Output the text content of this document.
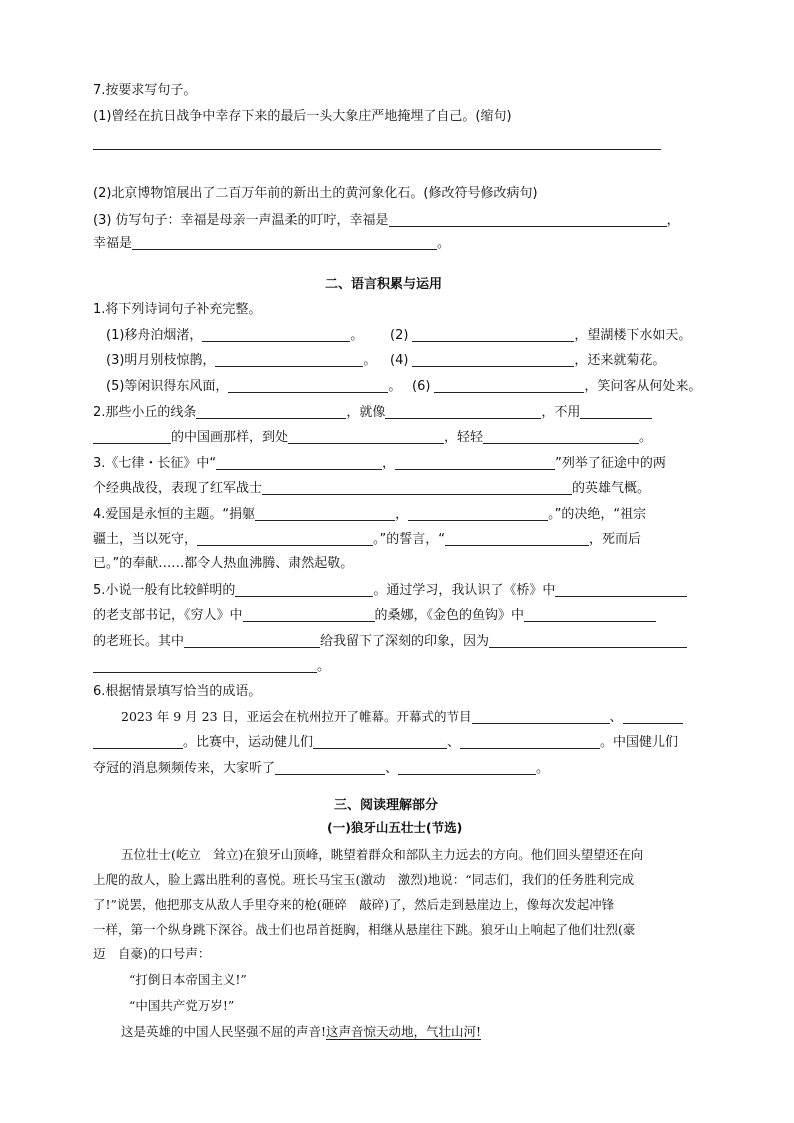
7.按要求写句子。
(1)曾经在抗日战争中幸存下来的最后一头大象庄严地掩埋了自己。(缩句)
(2)北京博物馆展出了二百万年前的新出土的黄河象化石。(修改符号修改病句)
(3) 仿写句子：幸福是母亲一声温柔的叮咛，幸福是	，
幸福是	。
二、语言积累与运用
1.将下列诗词句子补充完整。
(1)移舟泊烟渚，	。 (2)	，望湖楼下水如天。
(3)明月别枝惊鹊，	。 (4)	，还来就菊花。
(5)等闲识得东风面，	。 (6)	，笑问客从何处来。
2.那些小丘的线条	，就像	，不用
的中国画那样，到处	，轻轻	。
3.《七律・长征》中“	，	”列举了征途中的两
个经典战役，表现了红军战士	的英雄气概。
4.爱国是永恒的主题。“捐躯	，	。”的决绝，“祖宗
疆土，当以死守，	。”的誓言，“	，死而后
已。”的奉献……都令人热血沸腾、肃然起敬。
5.小说一般有比较鲜明的	。通过学习，我认识了《桥》中
的老支部书记，《穷人》中	的桑娜，《金色的鱼钩》中
的老班长。其中	给我留下了深刻的印象，因为
。
6.根据情景填写恰当的成语。
2023 年 9 月 23 日，亚运会在杭州拉开了帷幕。开幕式的节目	、
。比赛中，运动健儿们	、	。中国健儿们
夺冠的消息频频传来，大家听了	、	。
三、阅读理解部分
(一)狼牙山五壮士(节选)
五位壮士(屹立　耸立)在狼牙山顶峰，眺望着群众和部队主力远去的方向。他们回头望望还在向
上爬的敌人，脸上露出胜利的喜悦。班长马宝玉(激动　激烈)地说：“同志们，我们的任务胜利完成
了!”说罢，他把那支从敌人手里夺来的枪(砸碎　敲碎)了，然后走到悬崖边上，像每次发起冲锋
一样，第一个纵身跳下深谷。战士们也昂首挺胸，相继从悬崖往下跳。狼牙山上响起了他们壮烈(豪
迈　自豪)的口号声：
“打倒日本帝国主义!”
“中国共产党万岁!”
这是英雄的中国人民坚强不屈的声音!这声音惊天动地，气壮山河!
